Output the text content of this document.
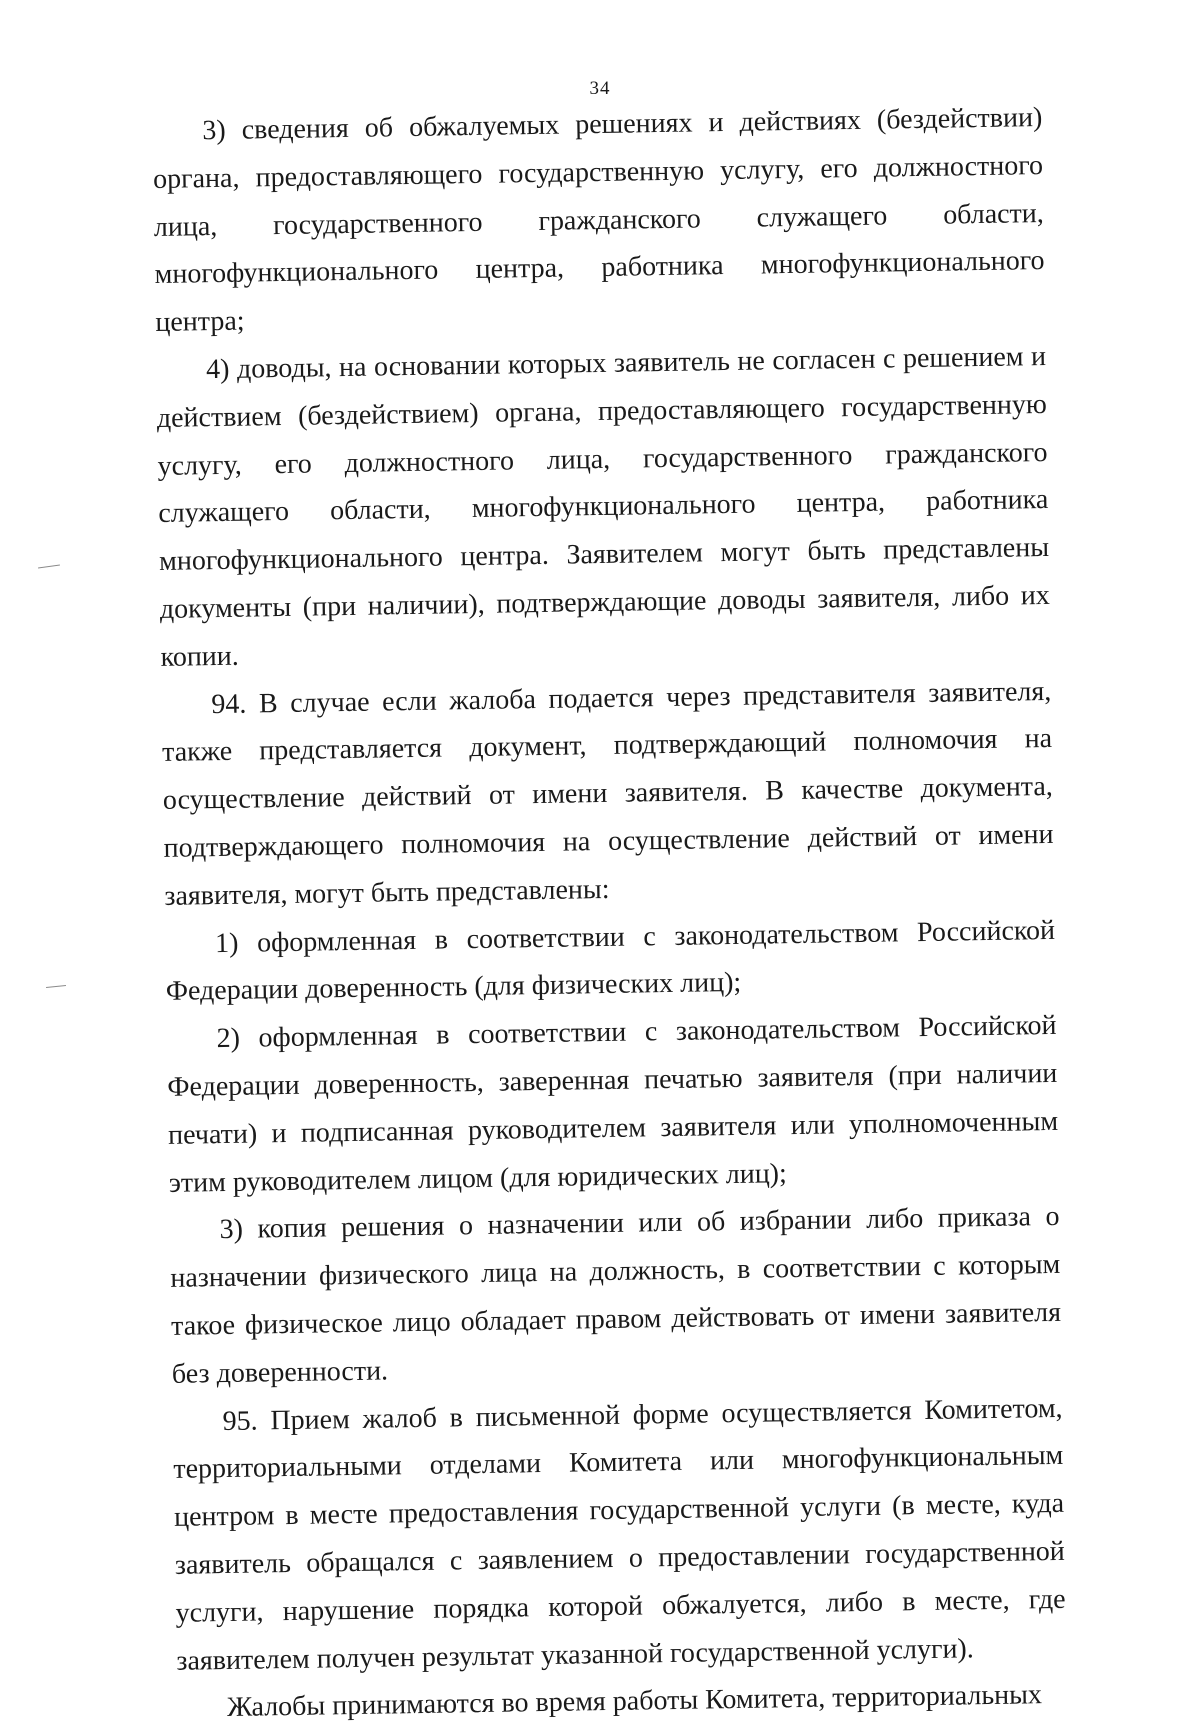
34

3) сведения об обжалуемых решениях и действиях (бездействии) органа, предоставляющего государственную услугу, его должностного лица, государственного гражданского служащего области, многофункционального центра, работника многофункционального центра;

4) доводы, на основании которых заявитель не согласен с решением и действием (бездействием) органа, предоставляющего государственную услугу, его должностного лица, государственного гражданского служащего области, многофункционального центра, работника многофункционального центра. Заявителем могут быть представлены документы (при наличии), подтверждающие доводы заявителя, либо их копии.

94. В случае если жалоба подается через представителя заявителя, также представляется документ, подтверждающий полномочия на осуществление действий от имени заявителя. В качестве документа, подтверждающего полномочия на осуществление действий от имени заявителя, могут быть представлены:

1) оформленная в соответствии с законодательством Российской Федерации доверенность (для физических лиц);

2) оформленная в соответствии с законодательством Российской Федерации доверенность, заверенная печатью заявителя (при наличии печати) и подписанная руководителем заявителя или уполномоченным этим руководителем лицом (для юридических лиц);

3) копия решения о назначении или об избрании либо приказа о назначении физического лица на должность, в соответствии с которым такое физическое лицо обладает правом действовать от имени заявителя без доверенности.

95. Прием жалоб в письменной форме осуществляется Комитетом, территориальными отделами Комитета или многофункциональным центром в месте предоставления государственной услуги (в месте, куда заявитель обращался с заявлением о предоставлении государственной услуги, нарушение порядка которой обжалуется, либо в месте, где заявителем получен результат указанной государственной услуги).

Жалобы принимаются во время работы Комитета, территориальных
